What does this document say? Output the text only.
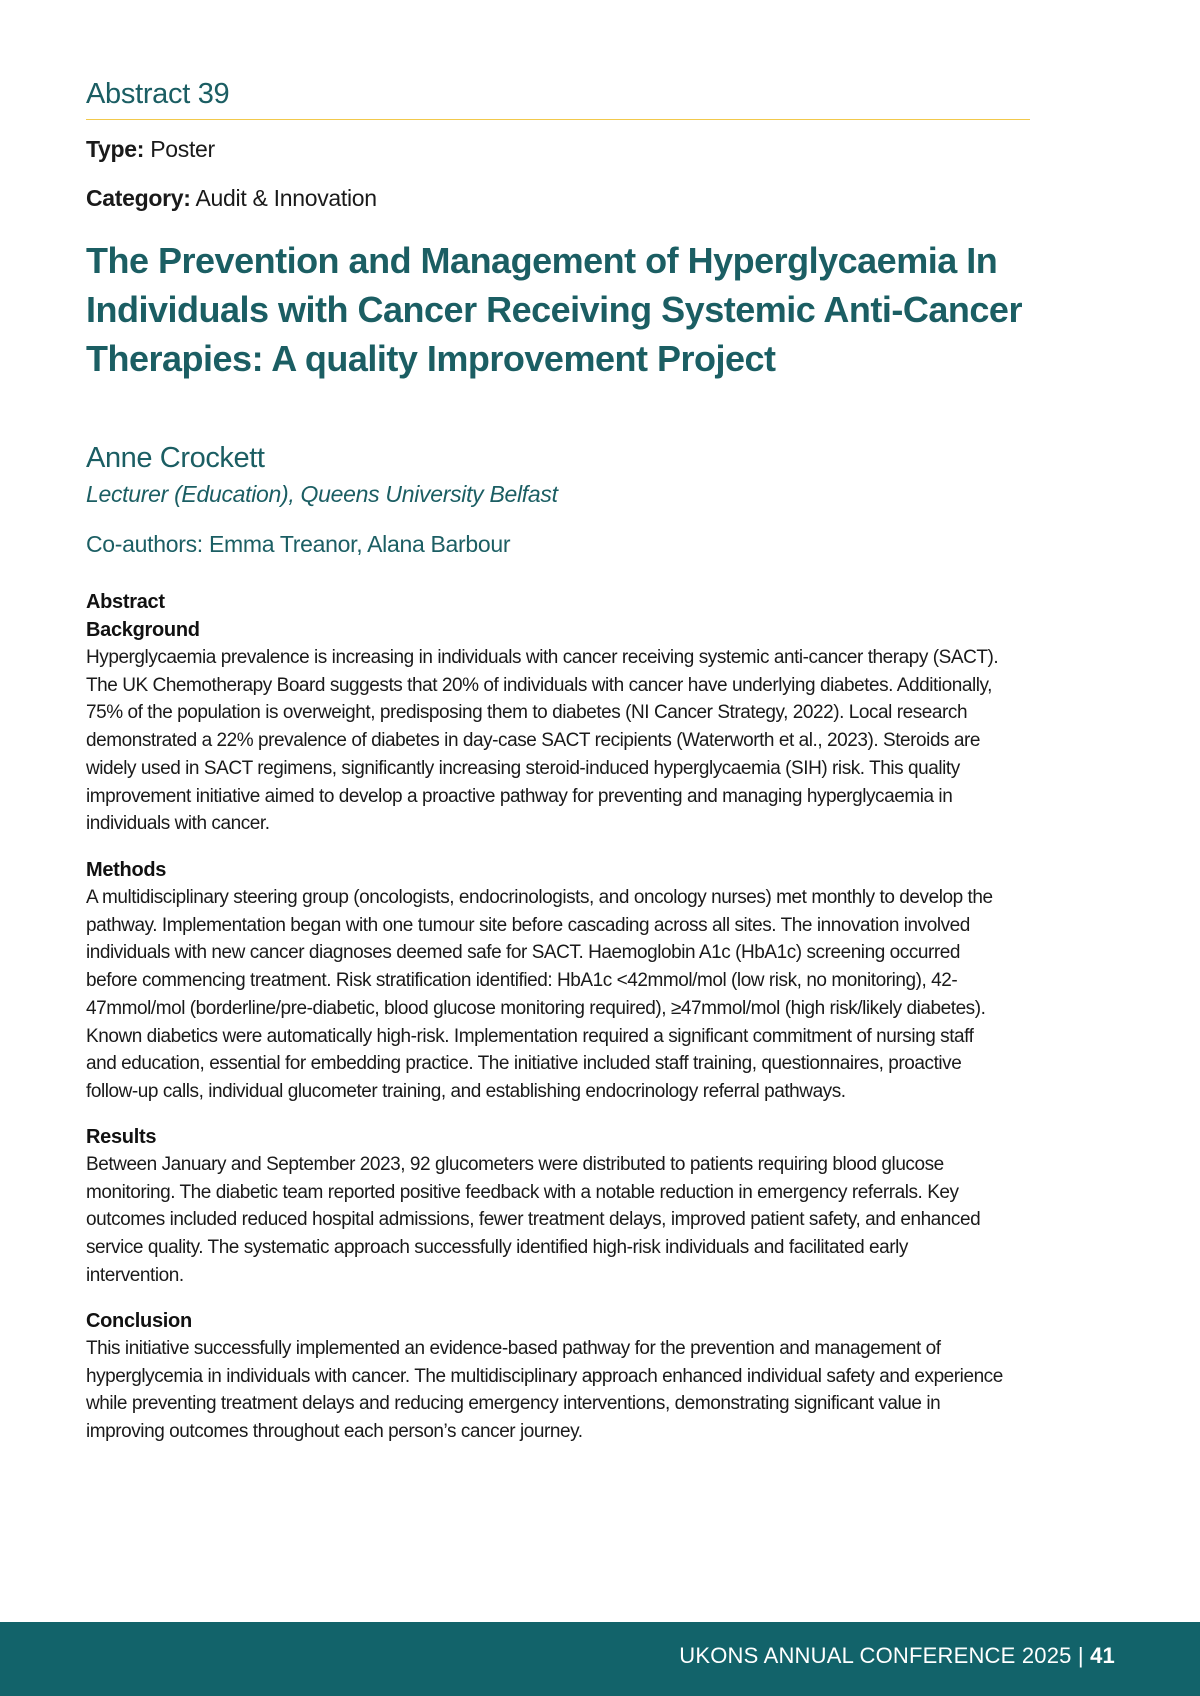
Abstract 39
Type: Poster
Category: Audit & Innovation
The Prevention and Management of Hyperglycaemia In
Individuals with Cancer Receiving Systemic Anti-Cancer
Therapies: A quality Improvement Project
Anne Crockett
Lecturer (Education), Queens University Belfast
Co-authors: Emma Treanor, Alana Barbour
Abstract
Background
Hyperglycaemia prevalence is increasing in individuals with cancer receiving systemic anti-cancer therapy (SACT).
The UK Chemotherapy Board suggests that 20% of individuals with cancer have underlying diabetes. Additionally,
75% of the population is overweight, predisposing them to diabetes (NI Cancer Strategy, 2022). Local research
demonstrated a 22% prevalence of diabetes in day-case SACT recipients (Waterworth et al., 2023). Steroids are
widely used in SACT regimens, significantly increasing steroid-induced hyperglycaemia (SIH) risk. This quality
improvement initiative aimed to develop a proactive pathway for preventing and managing hyperglycaemia in
individuals with cancer.
Methods
A multidisciplinary steering group (oncologists, endocrinologists, and oncology nurses) met monthly to develop the
pathway. Implementation began with one tumour site before cascading across all sites. The innovation involved
individuals with new cancer diagnoses deemed safe for SACT. Haemoglobin A1c (HbA1c) screening occurred
before commencing treatment. Risk stratification identified: HbA1c <42mmol/mol (low risk, no monitoring), 42-
47mmol/mol (borderline/pre-diabetic, blood glucose monitoring required), ≥47mmol/mol (high risk/likely diabetes).
Known diabetics were automatically high-risk. Implementation required a significant commitment of nursing staff
and education, essential for embedding practice. The initiative included staff training, questionnaires, proactive
follow-up calls, individual glucometer training, and establishing endocrinology referral pathways.
Results
Between January and September 2023, 92 glucometers were distributed to patients requiring blood glucose
monitoring. The diabetic team reported positive feedback with a notable reduction in emergency referrals. Key
outcomes included reduced hospital admissions, fewer treatment delays, improved patient safety, and enhanced
service quality. The systematic approach successfully identified high-risk individuals and facilitated early
intervention.
Conclusion
This initiative successfully implemented an evidence-based pathway for the prevention and management of
hyperglycemia in individuals with cancer. The multidisciplinary approach enhanced individual safety and experience
while preventing treatment delays and reducing emergency interventions, demonstrating significant value in
improving outcomes throughout each person’s cancer journey.
UKONS ANNUAL CONFERENCE 2025 | 41
